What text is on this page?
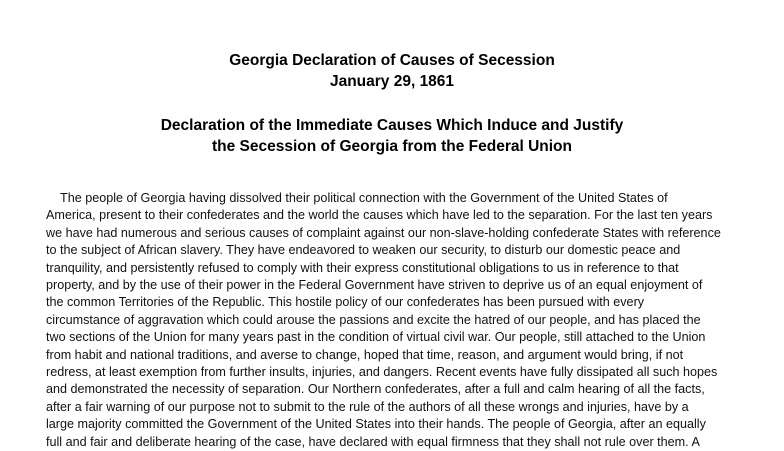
Georgia Declaration of Causes of Secession
January 29, 1861
Declaration of the Immediate Causes Which Induce and Justify
the Secession of Georgia from the Federal Union
The people of Georgia having dissolved their political connection with the Government of the United States of
America, present to their confederates and the world the causes which have led to the separation. For the last ten years
we have had numerous and serious causes of complaint against our non-slave-holding confederate States with reference
to the subject of African slavery. They have endeavored to weaken our security, to disturb our domestic peace and
tranquility, and persistently refused to comply with their express constitutional obligations to us in reference to that
property, and by the use of their power in the Federal Government have striven to deprive us of an equal enjoyment of
the common Territories of the Republic. This hostile policy of our confederates has been pursued with every
circumstance of aggravation which could arouse the passions and excite the hatred of our people, and has placed the
two sections of the Union for many years past in the condition of virtual civil war. Our people, still attached to the Union
from habit and national traditions, and averse to change, hoped that time, reason, and argument would bring, if not
redress, at least exemption from further insults, injuries, and dangers. Recent events have fully dissipated all such hopes
and demonstrated the necessity of separation. Our Northern confederates, after a full and calm hearing of all the facts,
after a fair warning of our purpose not to submit to the rule of the authors of all these wrongs and injuries, have by a
large majority committed the Government of the United States into their hands. The people of Georgia, after an equally
full and fair and deliberate hearing of the case, have declared with equal firmness that they shall not rule over them. A
